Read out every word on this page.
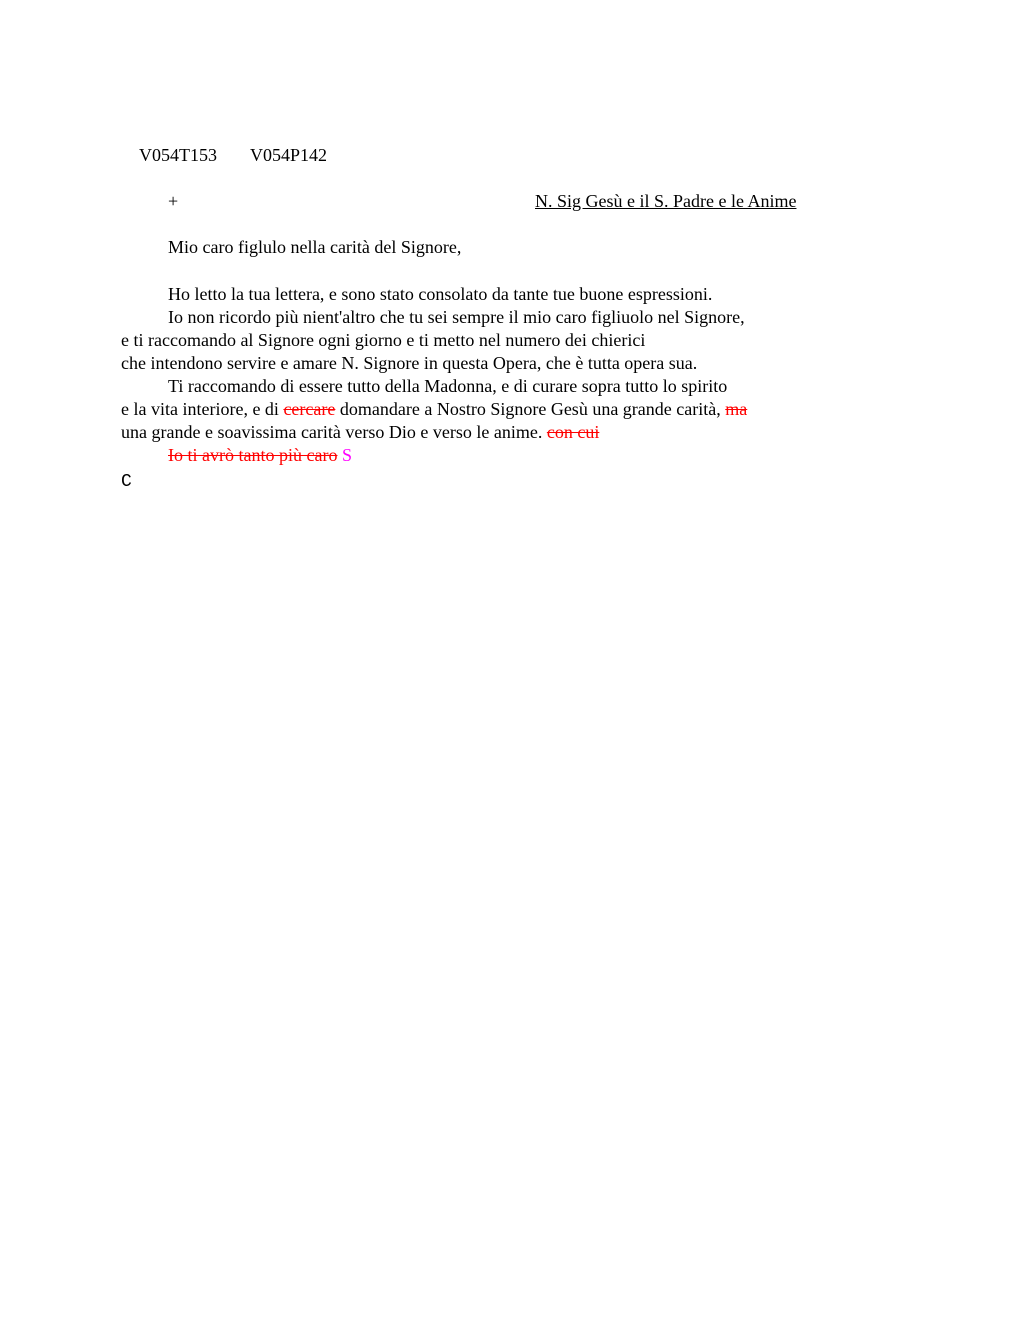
V054T153 V054P142

+	N. Sig Gesù e il S. Padre e le Anime
Mio caro figlulo nella carità del Signore,
Ho letto la tua lettera, e sono stato consolato da tante tue buone espressioni.
Io non ricordo più nient'altro che tu sei sempre il mio caro figliuolo nel Signore,
e ti raccomando al Signore ogni giorno e ti metto nel numero dei chierici
che intendono servire e amare N. Signore in questa Opera, che è tutta opera sua.
Ti raccomando di essere tutto della Madonna, e di curare sopra tutto lo spirito
e la vita interiore, e di cercare domandare a Nostro Signore Gesù una grande carità, ma
una grande e soavissima carità verso Dio e verso le anime. con cui
Io ti avrò tanto più caro S
C
